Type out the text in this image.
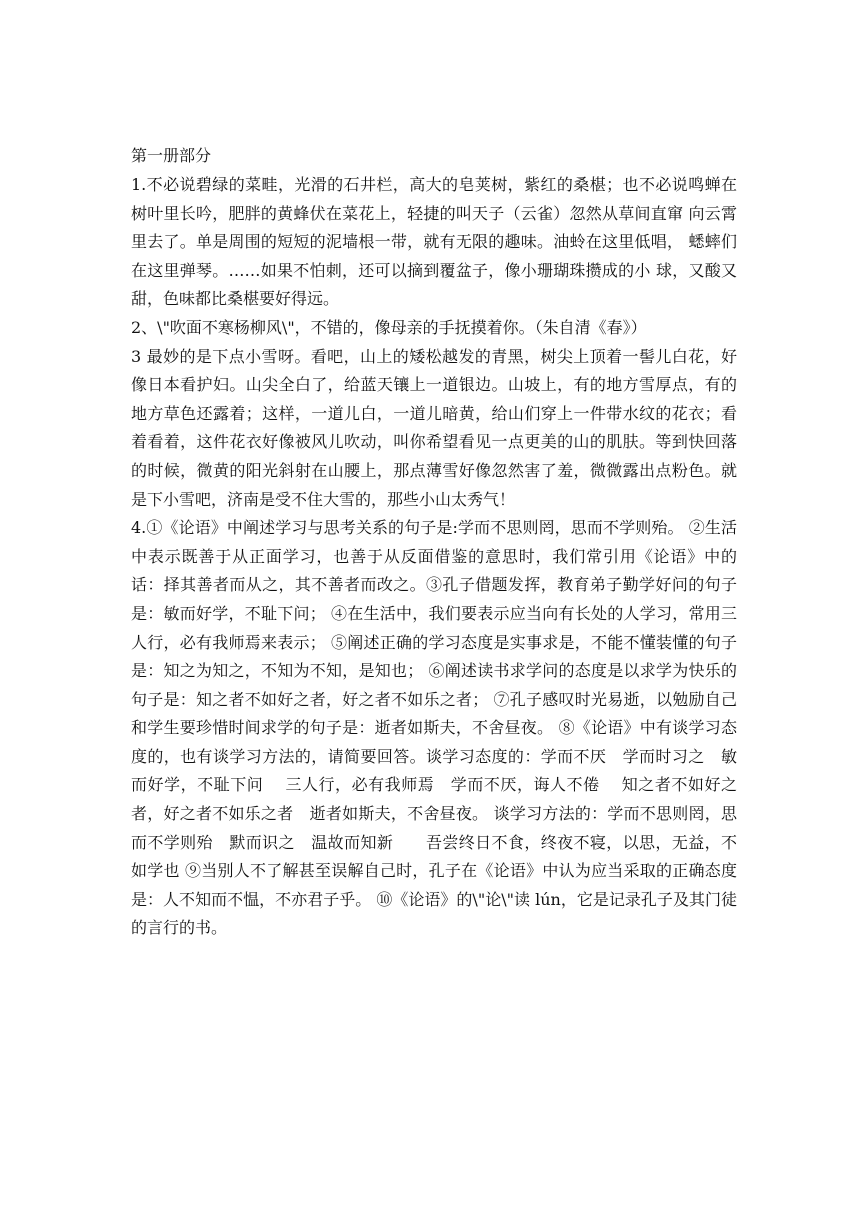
第一册部分

1.不必说碧绿的菜畦，光滑的石井栏，高大的皂荚树，紫红的桑椹；也不必说鸣蝉在树叶里长吟，肥胖的黄蜂伏在菜花上，轻捷的叫天子（云雀）忽然从草间直窜 向云霄里去了。单是周围的短短的泥墙根一带，就有无限的趣味。油蛉在这里低唱， 蟋蟀们在这里弹琴。……如果不怕刺，还可以摘到覆盆子，像小珊瑚珠攒成的小 球，又酸又甜，色味都比桑椹要好得远。

2、\"吹面不寒杨柳风\"，不错的，像母亲的手抚摸着你。（朱自清《春》）

3 最妙的是下点小雪呀。看吧，山上的矮松越发的青黑，树尖上顶着一髻儿白花，好像日本看护妇。山尖全白了，给蓝天镶上一道银边。山坡上，有的地方雪厚点，有的地方草色还露着；这样，一道儿白，一道儿暗黄，给山们穿上一件带水纹的花衣；看着看着，这件花衣好像被风儿吹动，叫你希望看见一点更美的山的肌肤。等到快回落的时候，微黄的阳光斜射在山腰上，那点薄雪好像忽然害了羞，微微露出点粉色。就是下小雪吧，济南是受不住大雪的，那些小山太秀气！

4.①《论语》中阐述学习与思考关系的句子是:学而不思则罔，思而不学则殆。 ②生活中表示既善于从正面学习，也善于从反面借鉴的意思时，我们常引用《论语》中的话：择其善者而从之，其不善者而改之。③孔子借题发挥，教育弟子勤学好问的句子是：敏而好学，不耻下问； ④在生活中，我们要表示应当向有长处的人学习，常用三人行，必有我师焉来表示； ⑤阐述正确的学习态度是实事求是，不能不懂装懂的句子是：知之为知之，不知为不知，是知也； ⑥阐述读书求学问的态度是以求学为快乐的句子是：知之者不如好之者，好之者不如乐之者； ⑦孔子感叹时光易逝，以勉励自己和学生要珍惜时间求学的句子是：逝者如斯夫，不舍昼夜。 ⑧《论语》中有谈学习态度的，也有谈学习方法的，请简要回答。谈学习态度的：学而不厌　学而时习之　敏而好学，不耻下问　 三人行，必有我师焉　学而不厌，诲人不倦　 知之者不如好之者，好之者不如乐之者　逝者如斯夫，不舍昼夜。 谈学习方法的：学而不思则罔，思而不学则殆　默而识之　温故而知新　　吾尝终日不食，终夜不寝，以思，无益，不如学也 ⑨当别人不了解甚至误解自己时，孔子在《论语》中认为应当采取的正确态度是：人不知而不愠，不亦君子乎。 ⑩《论语》的\"论\"读 lún，它是记录孔子及其门徒的言行的书。
